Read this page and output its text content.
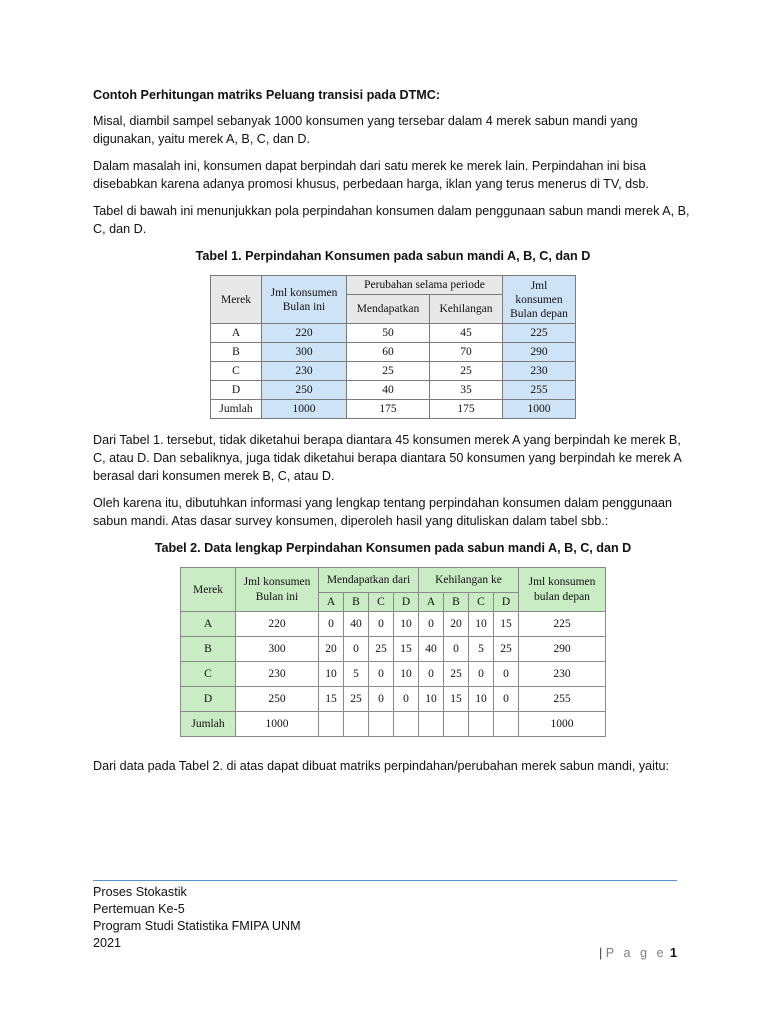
Contoh Perhitungan matriks Peluang transisi pada DTMC:

Misal, diambil sampel sebanyak 1000 konsumen yang tersebar dalam 4 merek sabun mandi yang digunakan, yaitu merek A, B, C, dan D.

Dalam masalah ini, konsumen dapat berpindah dari satu merek ke merek lain. Perpindahan ini bisa disebabkan karena adanya promosi khusus, perbedaan harga, iklan yang terus menerus di TV, dsb.

Tabel di bawah ini menunjukkan pola perpindahan konsumen dalam penggunaan sabun mandi merek A, B, C, dan D.

Tabel 1. Perpindahan Konsumen pada sabun mandi A, B, C, dan D

Merek	Jml konsumen Bulan ini	Perubahan selama periode		Jml konsumen Bulan depan
		Mendapatkan	Kehilangan	
A	220	50	45	225
B	300	60	70	290
C	230	25	25	230
D	250	40	35	255
Jumlah	1000	175	175	1000

Dari Tabel 1. tersebut, tidak diketahui berapa diantara 45 konsumen merek A yang berpindah ke merek B, C, atau D. Dan sebaliknya, juga tidak diketahui berapa diantara 50 konsumen yang berpindah ke merek A berasal dari konsumen merek B, C, atau D.

Oleh karena itu, dibutuhkan informasi yang lengkap tentang perpindahan konsumen dalam penggunaan sabun mandi. Atas dasar survey konsumen, diperoleh hasil yang dituliskan dalam tabel sbb.:

Tabel 2. Data lengkap Perpindahan Konsumen pada sabun mandi A, B, C, dan D

Merek	Jml konsumen Bulan ini	Mendapatkan dari				Kehilangan ke				Jml konsumen bulan depan
		A	B	C	D	A	B	C	D	
A	220	0	40	0	10	0	20	10	15	225
B	300	20	0	25	15	40	0	5	25	290
C	230	10	5	0	10	0	25	0	0	230
D	250	15	25	0	0	10	15	10	0	255
Jumlah	1000									1000

Dari data pada Tabel 2. di atas dapat dibuat matriks perpindahan/perubahan merek sabun mandi, yaitu:

Proses Stokastik
Pertemuan Ke-5
Program Studi Statistika FMIPA UNM
2021
| P a g e 1
